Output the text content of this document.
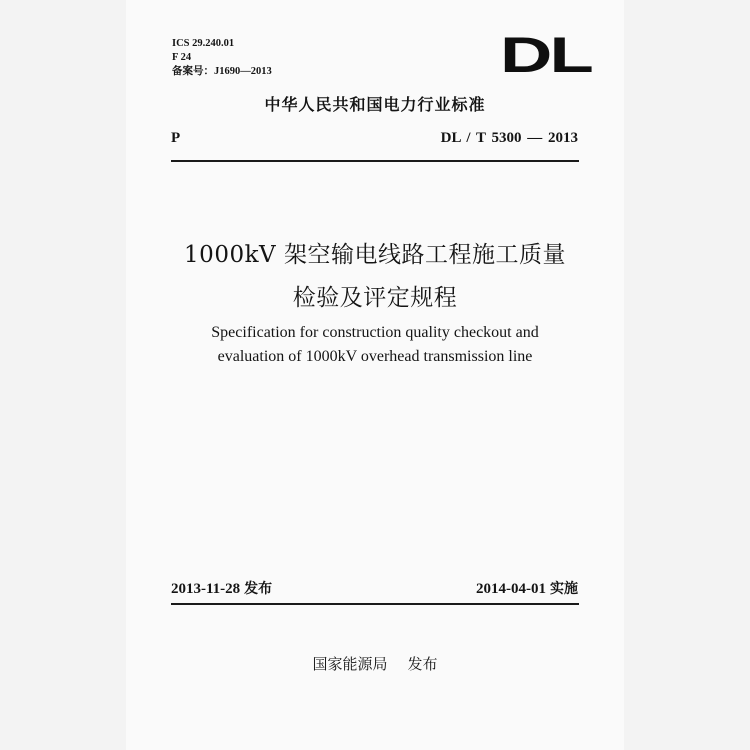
ICS 29.240.01
F 24
备案号：J1690—2013	DL
中华人民共和国电力行业标准
P	DL / T 5300 — 2013
1000kV 架空输电线路工程施工质量
检验及评定规程
Specification for construction quality checkout and
evaluation of 1000kV overhead transmission line
2013-11-28 发布	2014-04-01 实施
国家能源局 发布
